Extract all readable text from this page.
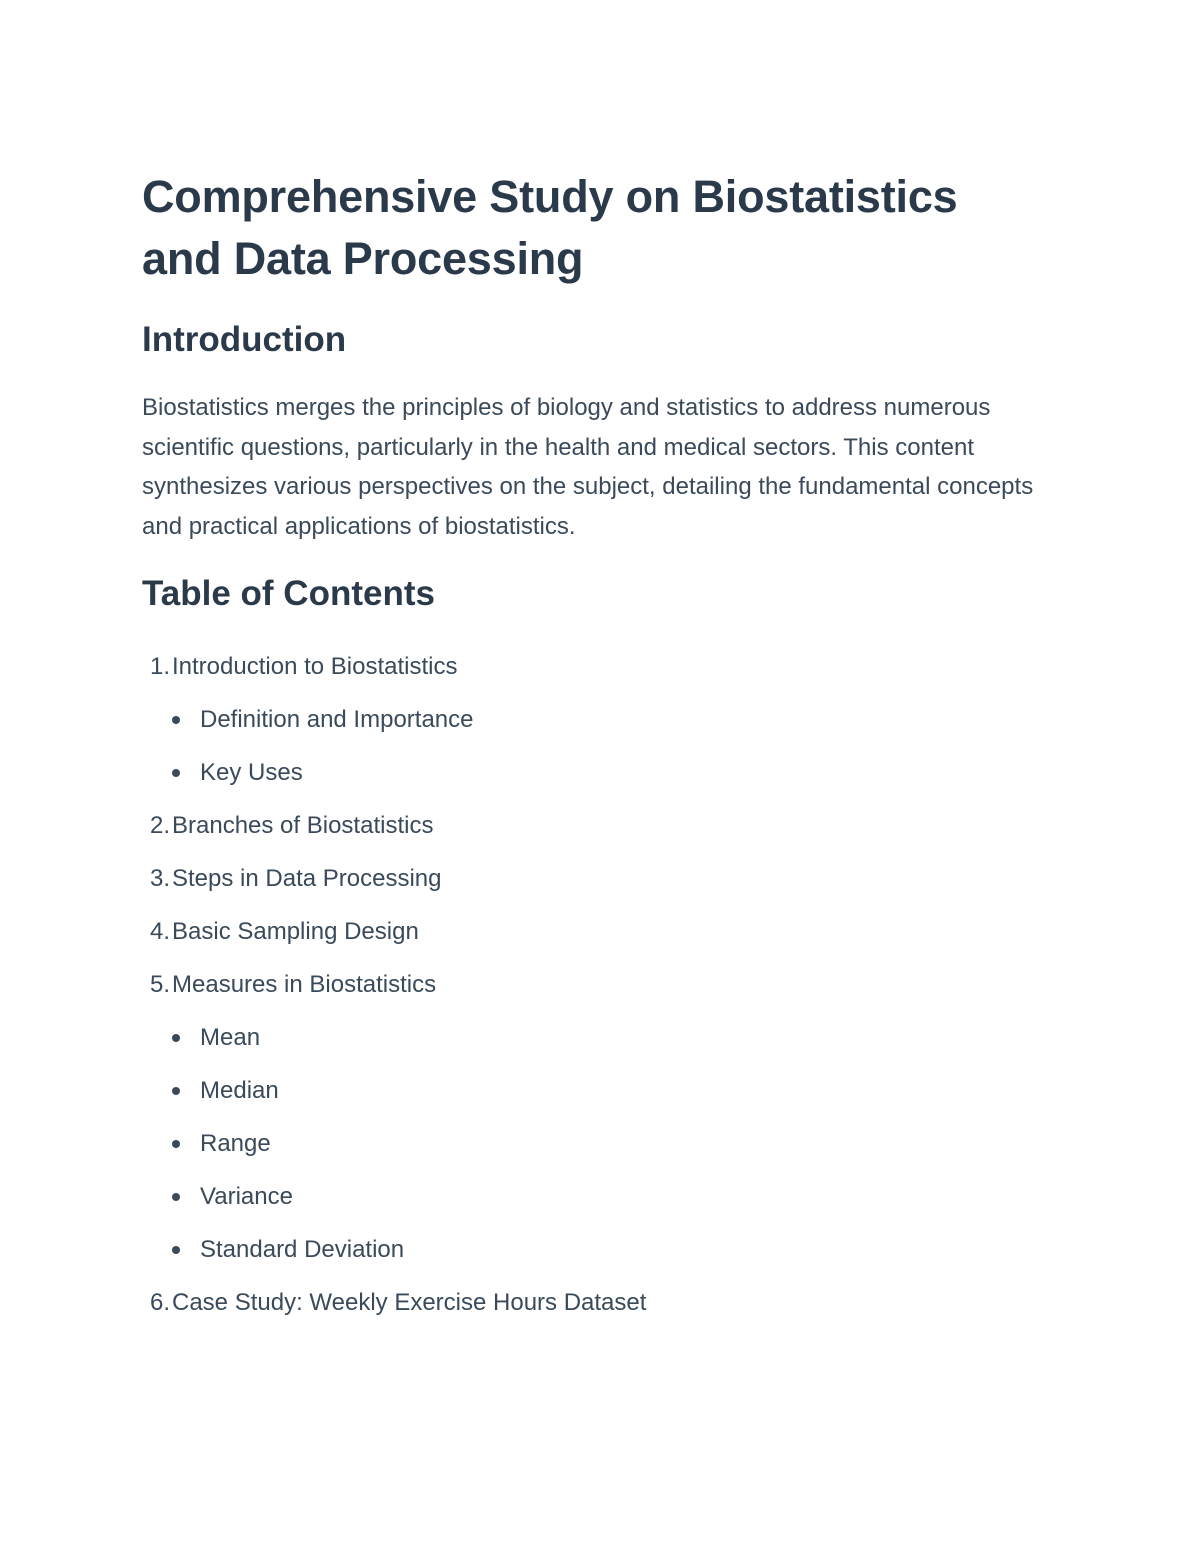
Comprehensive Study on Biostatistics and Data Processing
Introduction

Biostatistics merges the principles of biology and statistics to address numerous scientific questions, particularly in the health and medical sectors. This content synthesizes various perspectives on the subject, detailing the fundamental concepts and practical applications of biostatistics.

Table of Contents
1. Introduction to Biostatistics
Definition and Importance
Key Uses
2. Branches of Biostatistics
3. Steps in Data Processing
4. Basic Sampling Design
5. Measures in Biostatistics
Mean
Median
Range
Variance
Standard Deviation
6. Case Study: Weekly Exercise Hours Dataset
